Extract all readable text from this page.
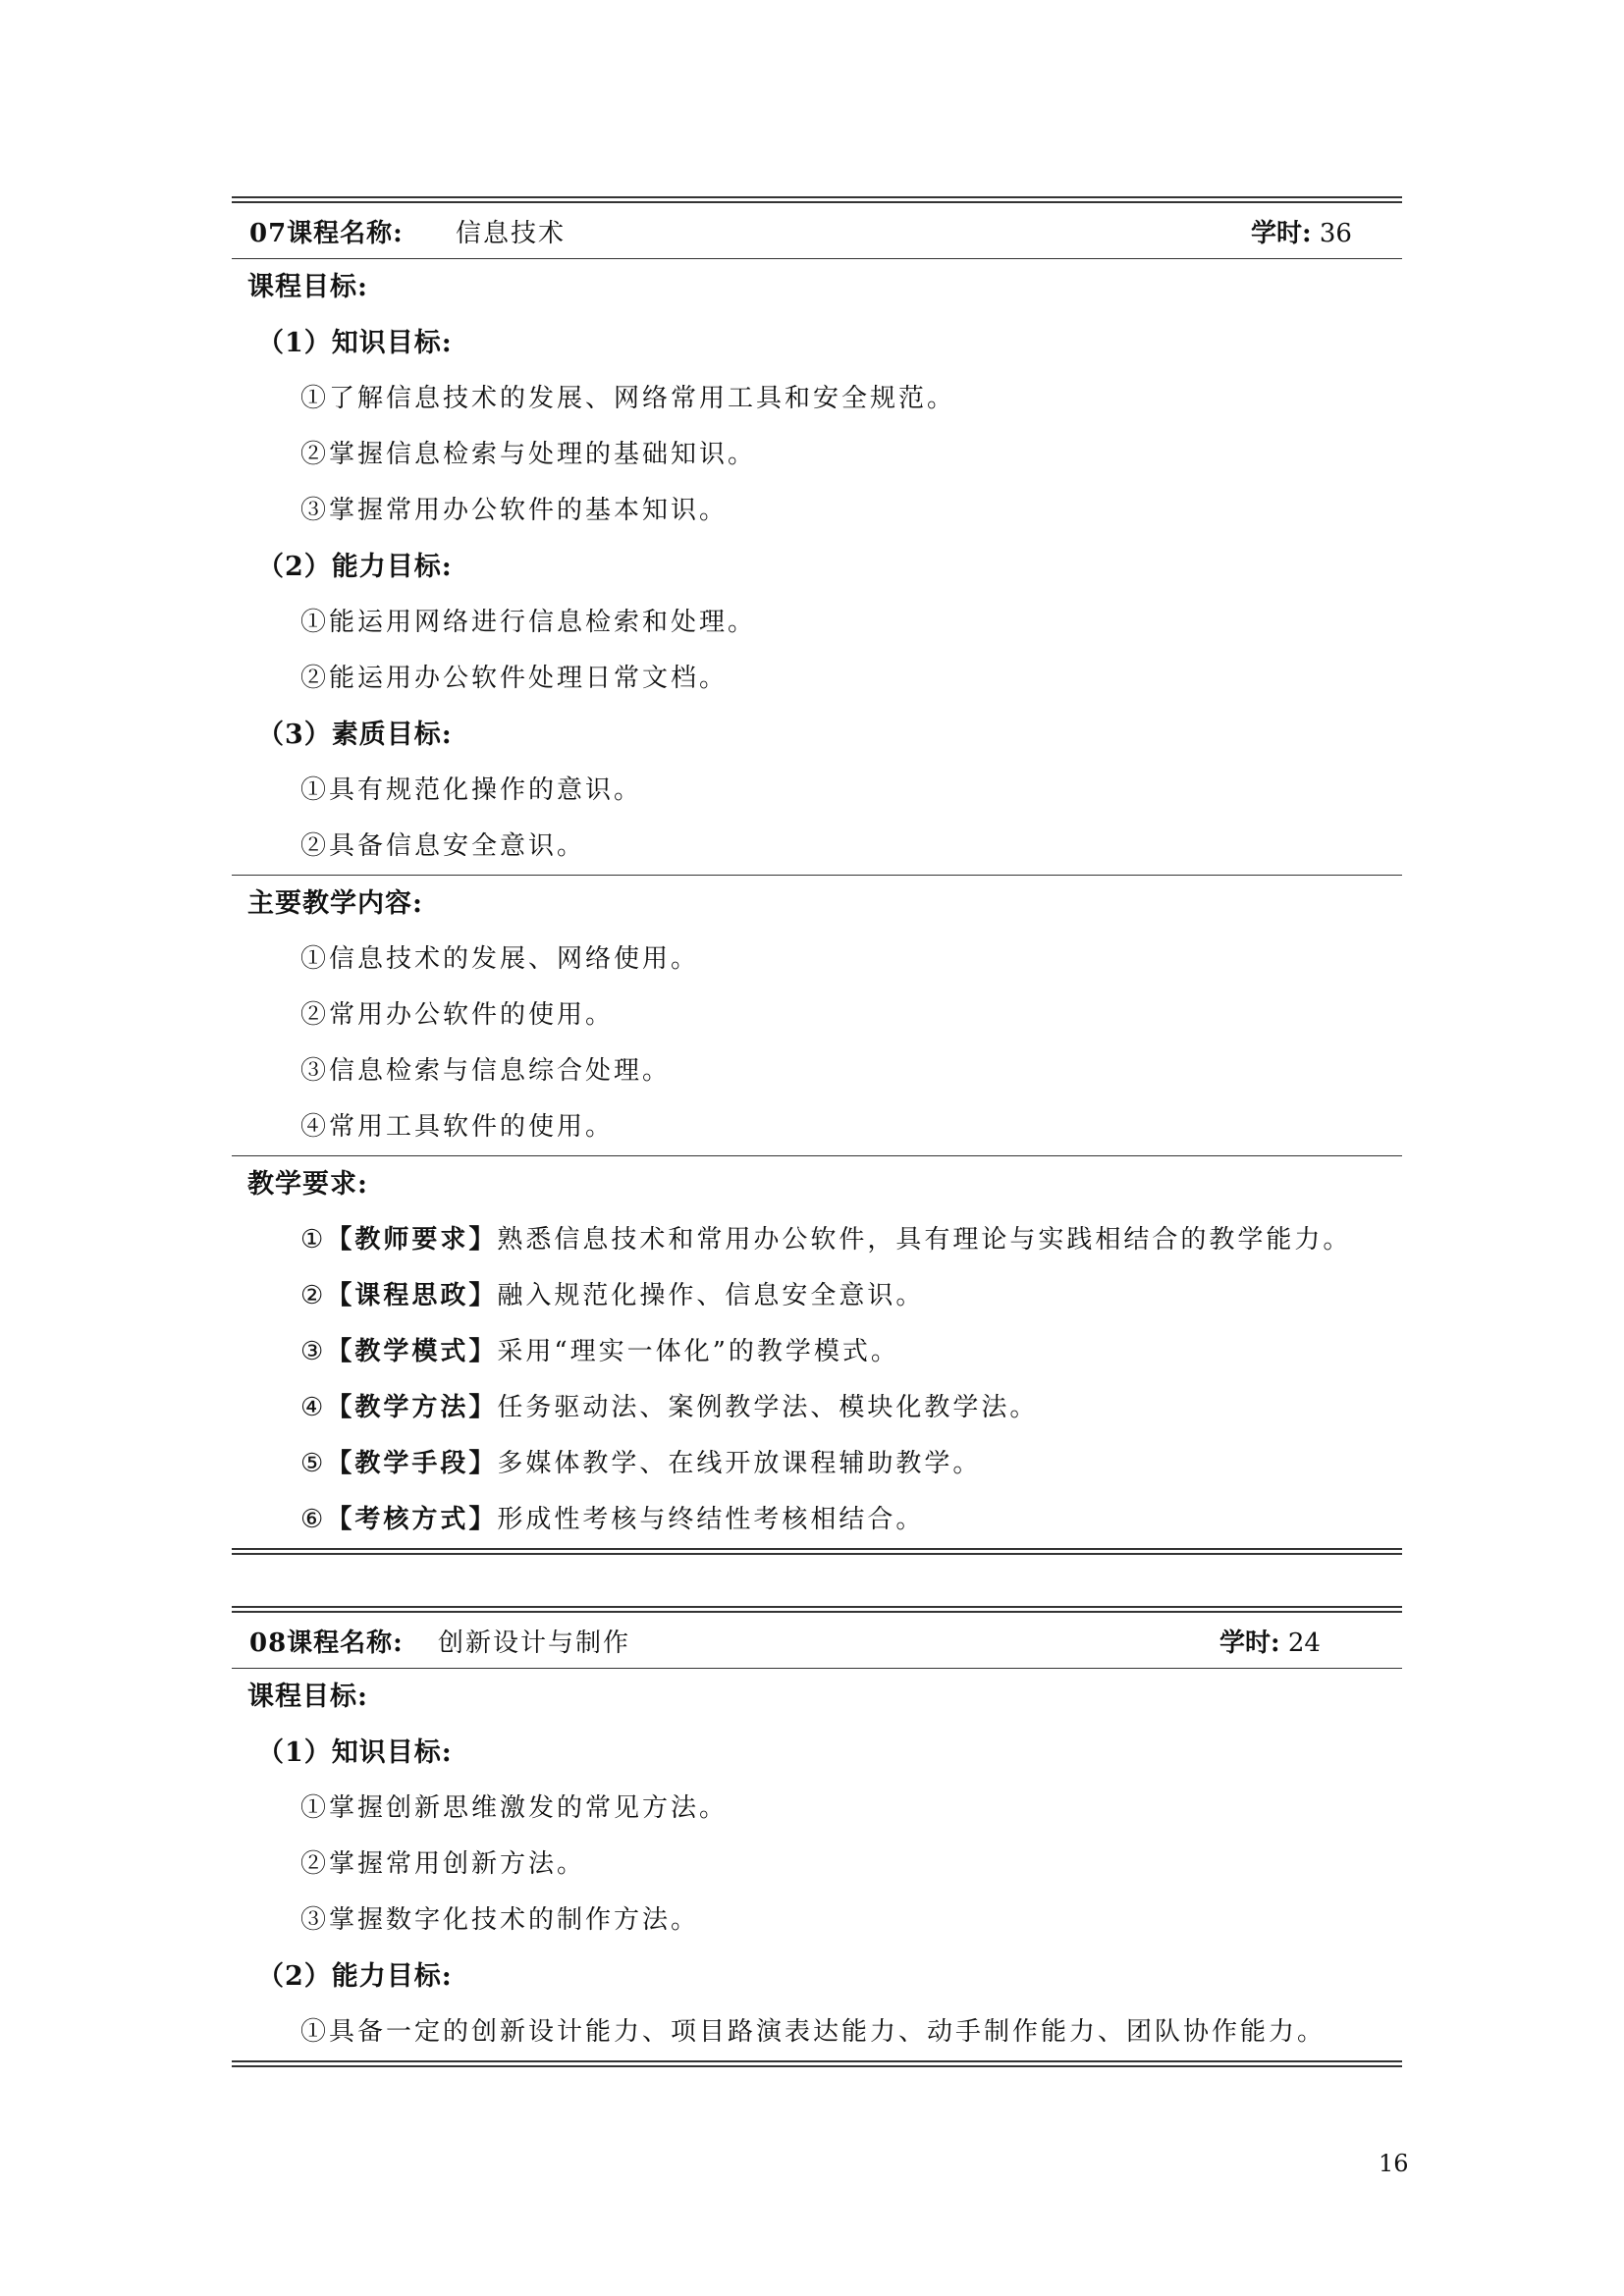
07课程名称: 信息技术	学时: 36

课程目标:

（1）知识目标:

①了解信息技术的发展、网络常用工具和安全规范。

②掌握信息检索与处理的基础知识。

③掌握常用办公软件的基本知识。

（2）能力目标:

①能运用网络进行信息检索和处理。

②能运用办公软件处理日常文档。

（3）素质目标:

①具有规范化操作的意识。

②具备信息安全意识。

主要教学内容:

①信息技术的发展、网络使用。

②常用办公软件的使用。

③信息检索与信息综合处理。

④常用工具软件的使用。

教学要求:

①【教师要求】熟悉信息技术和常用办公软件，具有理论与实践相结合的教学能力。

②【课程思政】融入规范化操作、信息安全意识。

③【教学模式】采用“理实一体化”的教学模式。

④【教学方法】任务驱动法、案例教学法、模块化教学法。

⑤【教学手段】多媒体教学、在线开放课程辅助教学。

⑥【考核方式】形成性考核与终结性考核相结合。

08课程名称: 创新设计与制作	学时: 24

课程目标:

（1）知识目标:

①掌握创新思维激发的常见方法。

②掌握常用创新方法。

③掌握数字化技术的制作方法。

（2）能力目标:

①具备一定的创新设计能力、项目路演表达能力、动手制作能力、团队协作能力。

16
